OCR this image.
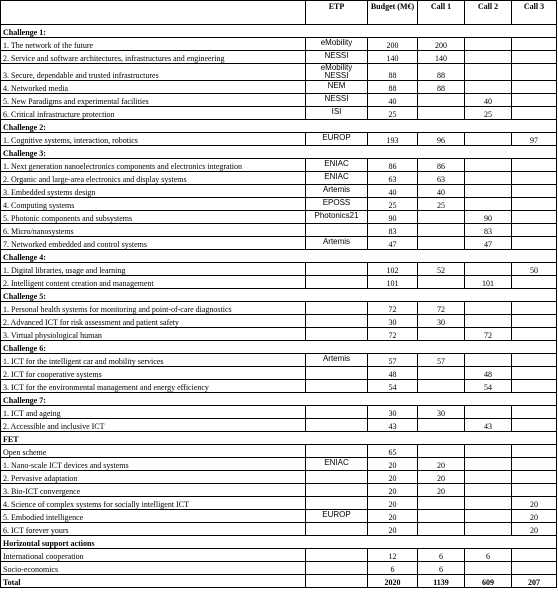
	ETP	Budget (M€)	Call 1	Call 2	Call 3
Challenge 1:					
1. The network of the future	eMobility	200	200		
2. Service and software architectures, infrastructures and engineering	NESSI	140	140		
3. Secure, dependable and trusted infrastructures	eMobility NESSI	88	88		
4. Networked media	NEM	88	88		
5. New Paradigms and experimental facilities	NESSI	40		40	
6. Critical infrastructure protection	ISI	25		25	
Challenge 2:					
1. Cognitive systems, interaction, robotics	EUROP	193	96		97
Challenge 3:					
1. Next generation nanoelectronics components and electronics integration	ENIAC	86	86		
2. Organic and large-area electronics and display systems	ENIAC	63	63		
3. Embedded systems design	Artemis	40	40		
4. Computing systems	EPOSS	25	25		
5. Photonic components and subsystems	Photonics21	90		90	
6. Micro/nanosystems		83		83	
7. Networked embedded and control systems	Artemis	47		47	
Challenge 4:					
1. Digital libraries, usage and learning		102	52		50
2. Intelligent content creation and management		101		101	
Challenge 5:					
1. Personal health systems for monitoring and point-of-care diagnostics		72	72		
2. Advanced ICT for risk assessment and patient safety		30	30		
3. Virtual physiological human		72		72	
Challenge 6:					
1. ICT for the intelligent car and mobility services	Artemis	57	57		
2. ICT for cooperative systems		48		48	
3. ICT for the environmental management and energy efficiency		54		54	
Challenge 7:					
1. ICT and ageing		30	30		
2. Accessible and inclusive ICT		43		43	
FET					
Open scheme		65			
1. Nano-scale ICT devices and systems	ENIAC	20	20		
2. Pervasive adaptation		20	20		
3. Bio-ICT convergence		20	20		
4. Science of complex systems for socially intelligent ICT		20			20
5. Embodied intelligence	EUROP	20			20
6. ICT forever yours		20			20
Horizontal support actions					
International cooperation		12	6	6	
Socio-economics		6	6		
Total		2020	1139	609	207
